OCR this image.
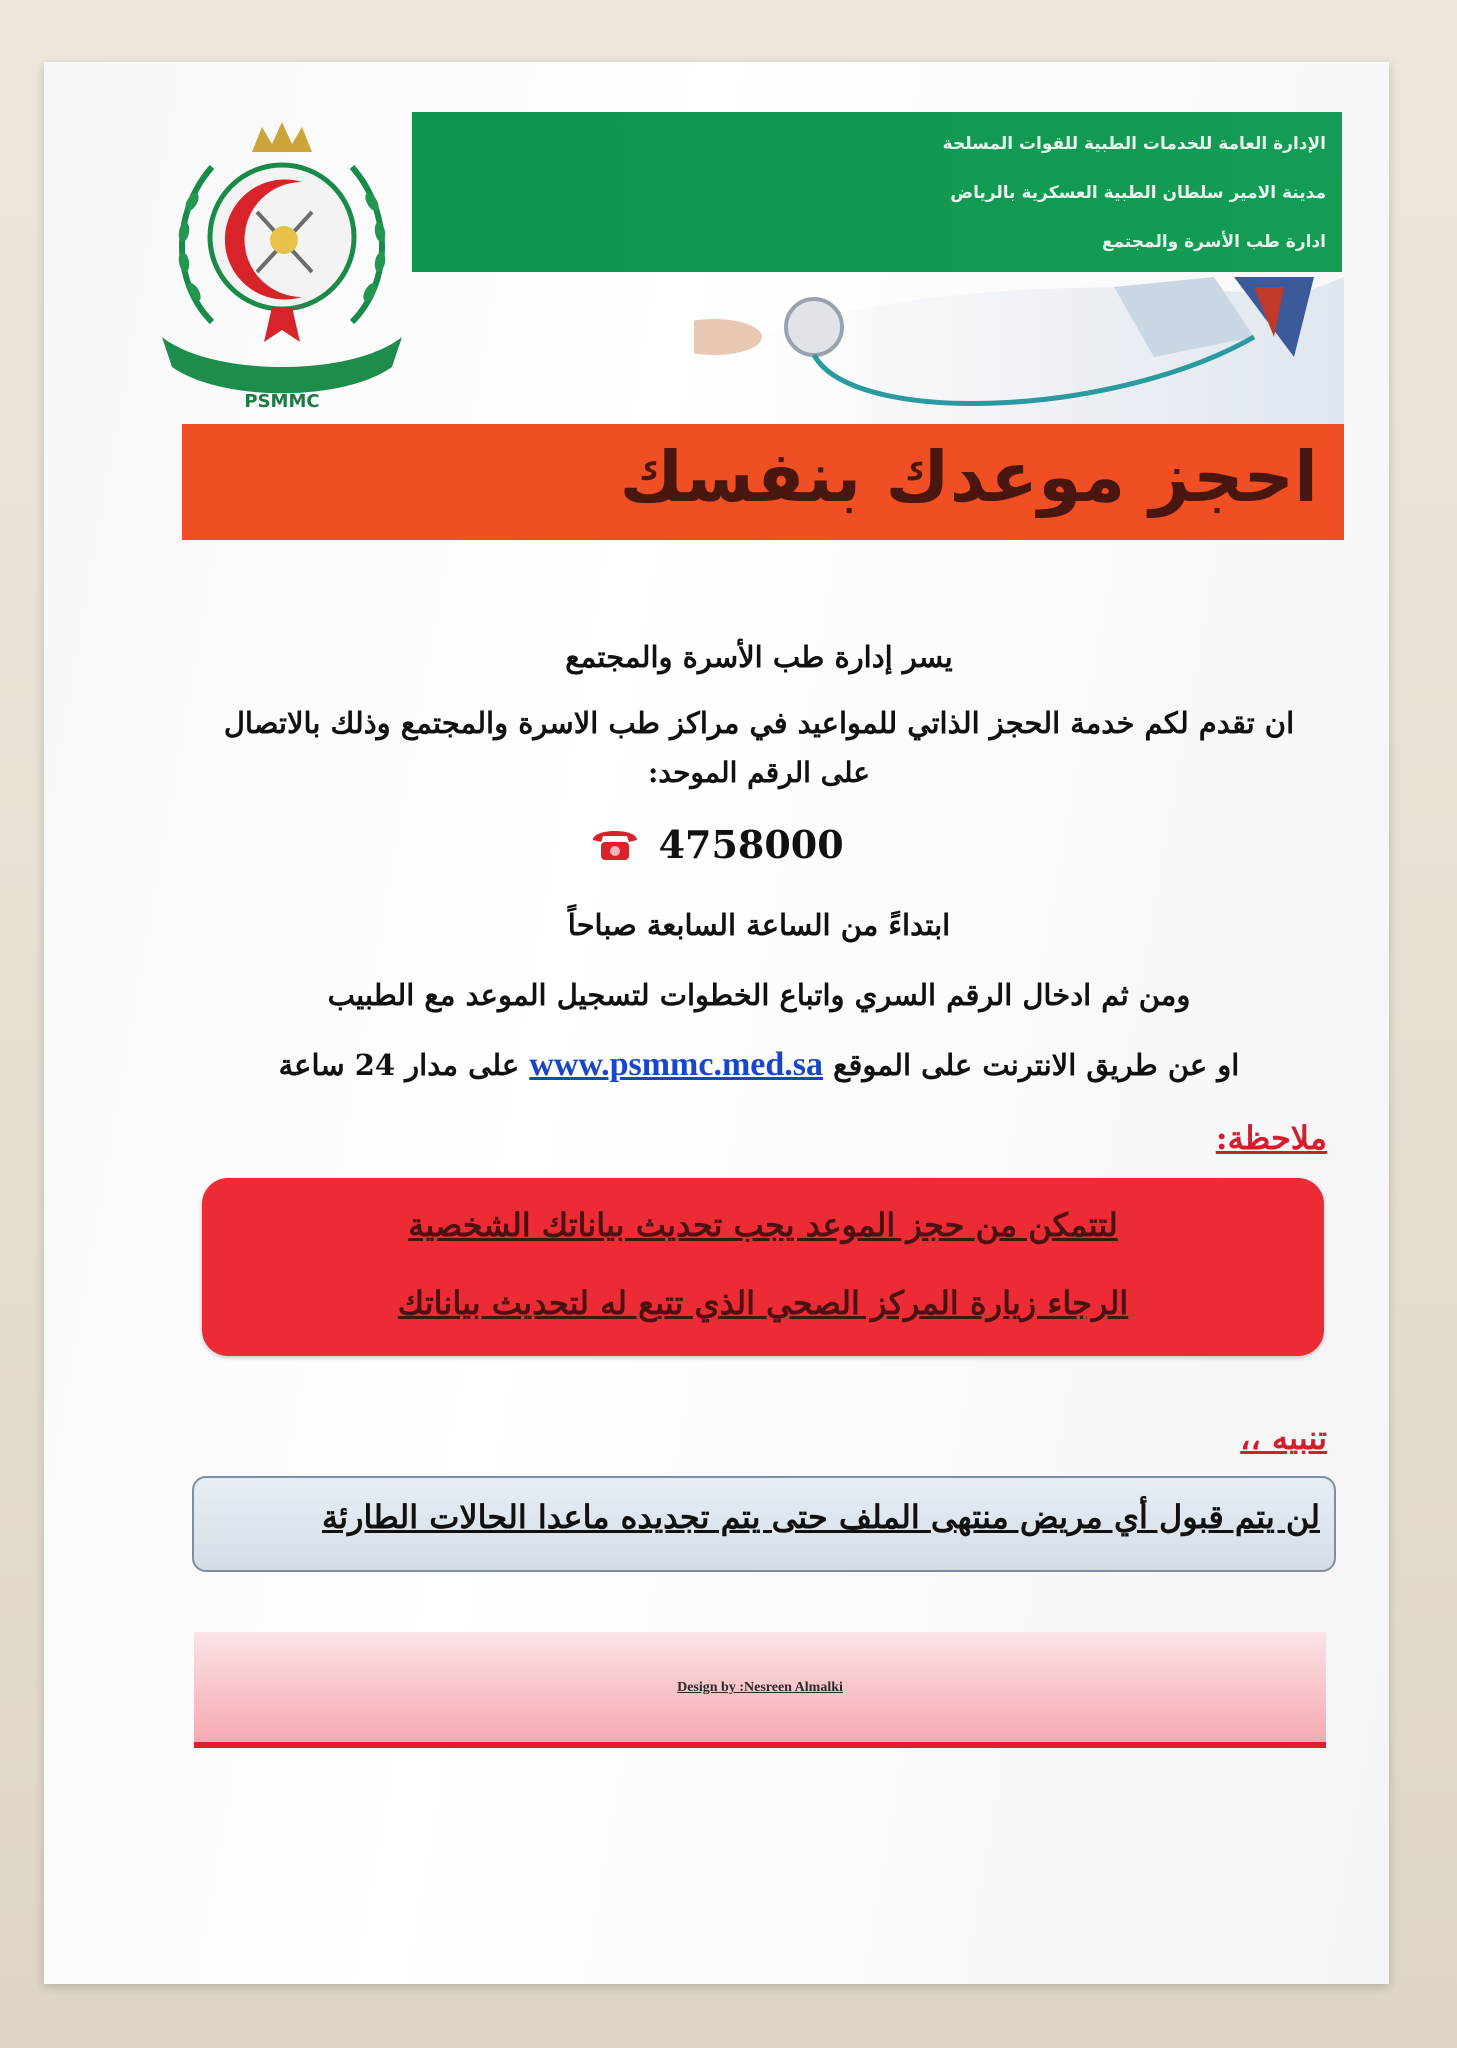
PSMMC
الإدارة العامة للخدمات الطبية للقوات المسلحة
مدينة الامير سلطان الطبية العسكرية بالرياض
ادارة طب الأسرة والمجتمع
احجز موعدك بنفسك
يسر إدارة طب الأسرة والمجتمع
ان تقدم لكم خدمة الحجز الذاتي للمواعيد في مراكز طب الاسرة والمجتمع وذلك بالاتصال
على الرقم الموحد:
4758000
ابتداءً من الساعة السابعة صباحاً
ومن ثم ادخال الرقم السري واتباع الخطوات لتسجيل الموعد مع الطبيب
او عن طريق الانترنت على الموقع www.psmmc.med.sa على مدار 24 ساعة
ملاحظة:
لتتمكن من حجز الموعد يجب تحديث بياناتك الشخصية
الرجاء زيارة المركز الصحي الذي تتبع له لتحديث بياناتك
تنبيه ،،
لن يتم قبول أي مريض منتهى الملف حتى يتم تجديده ماعدا الحالات الطارئة
Design by :Nesreen Almalki
